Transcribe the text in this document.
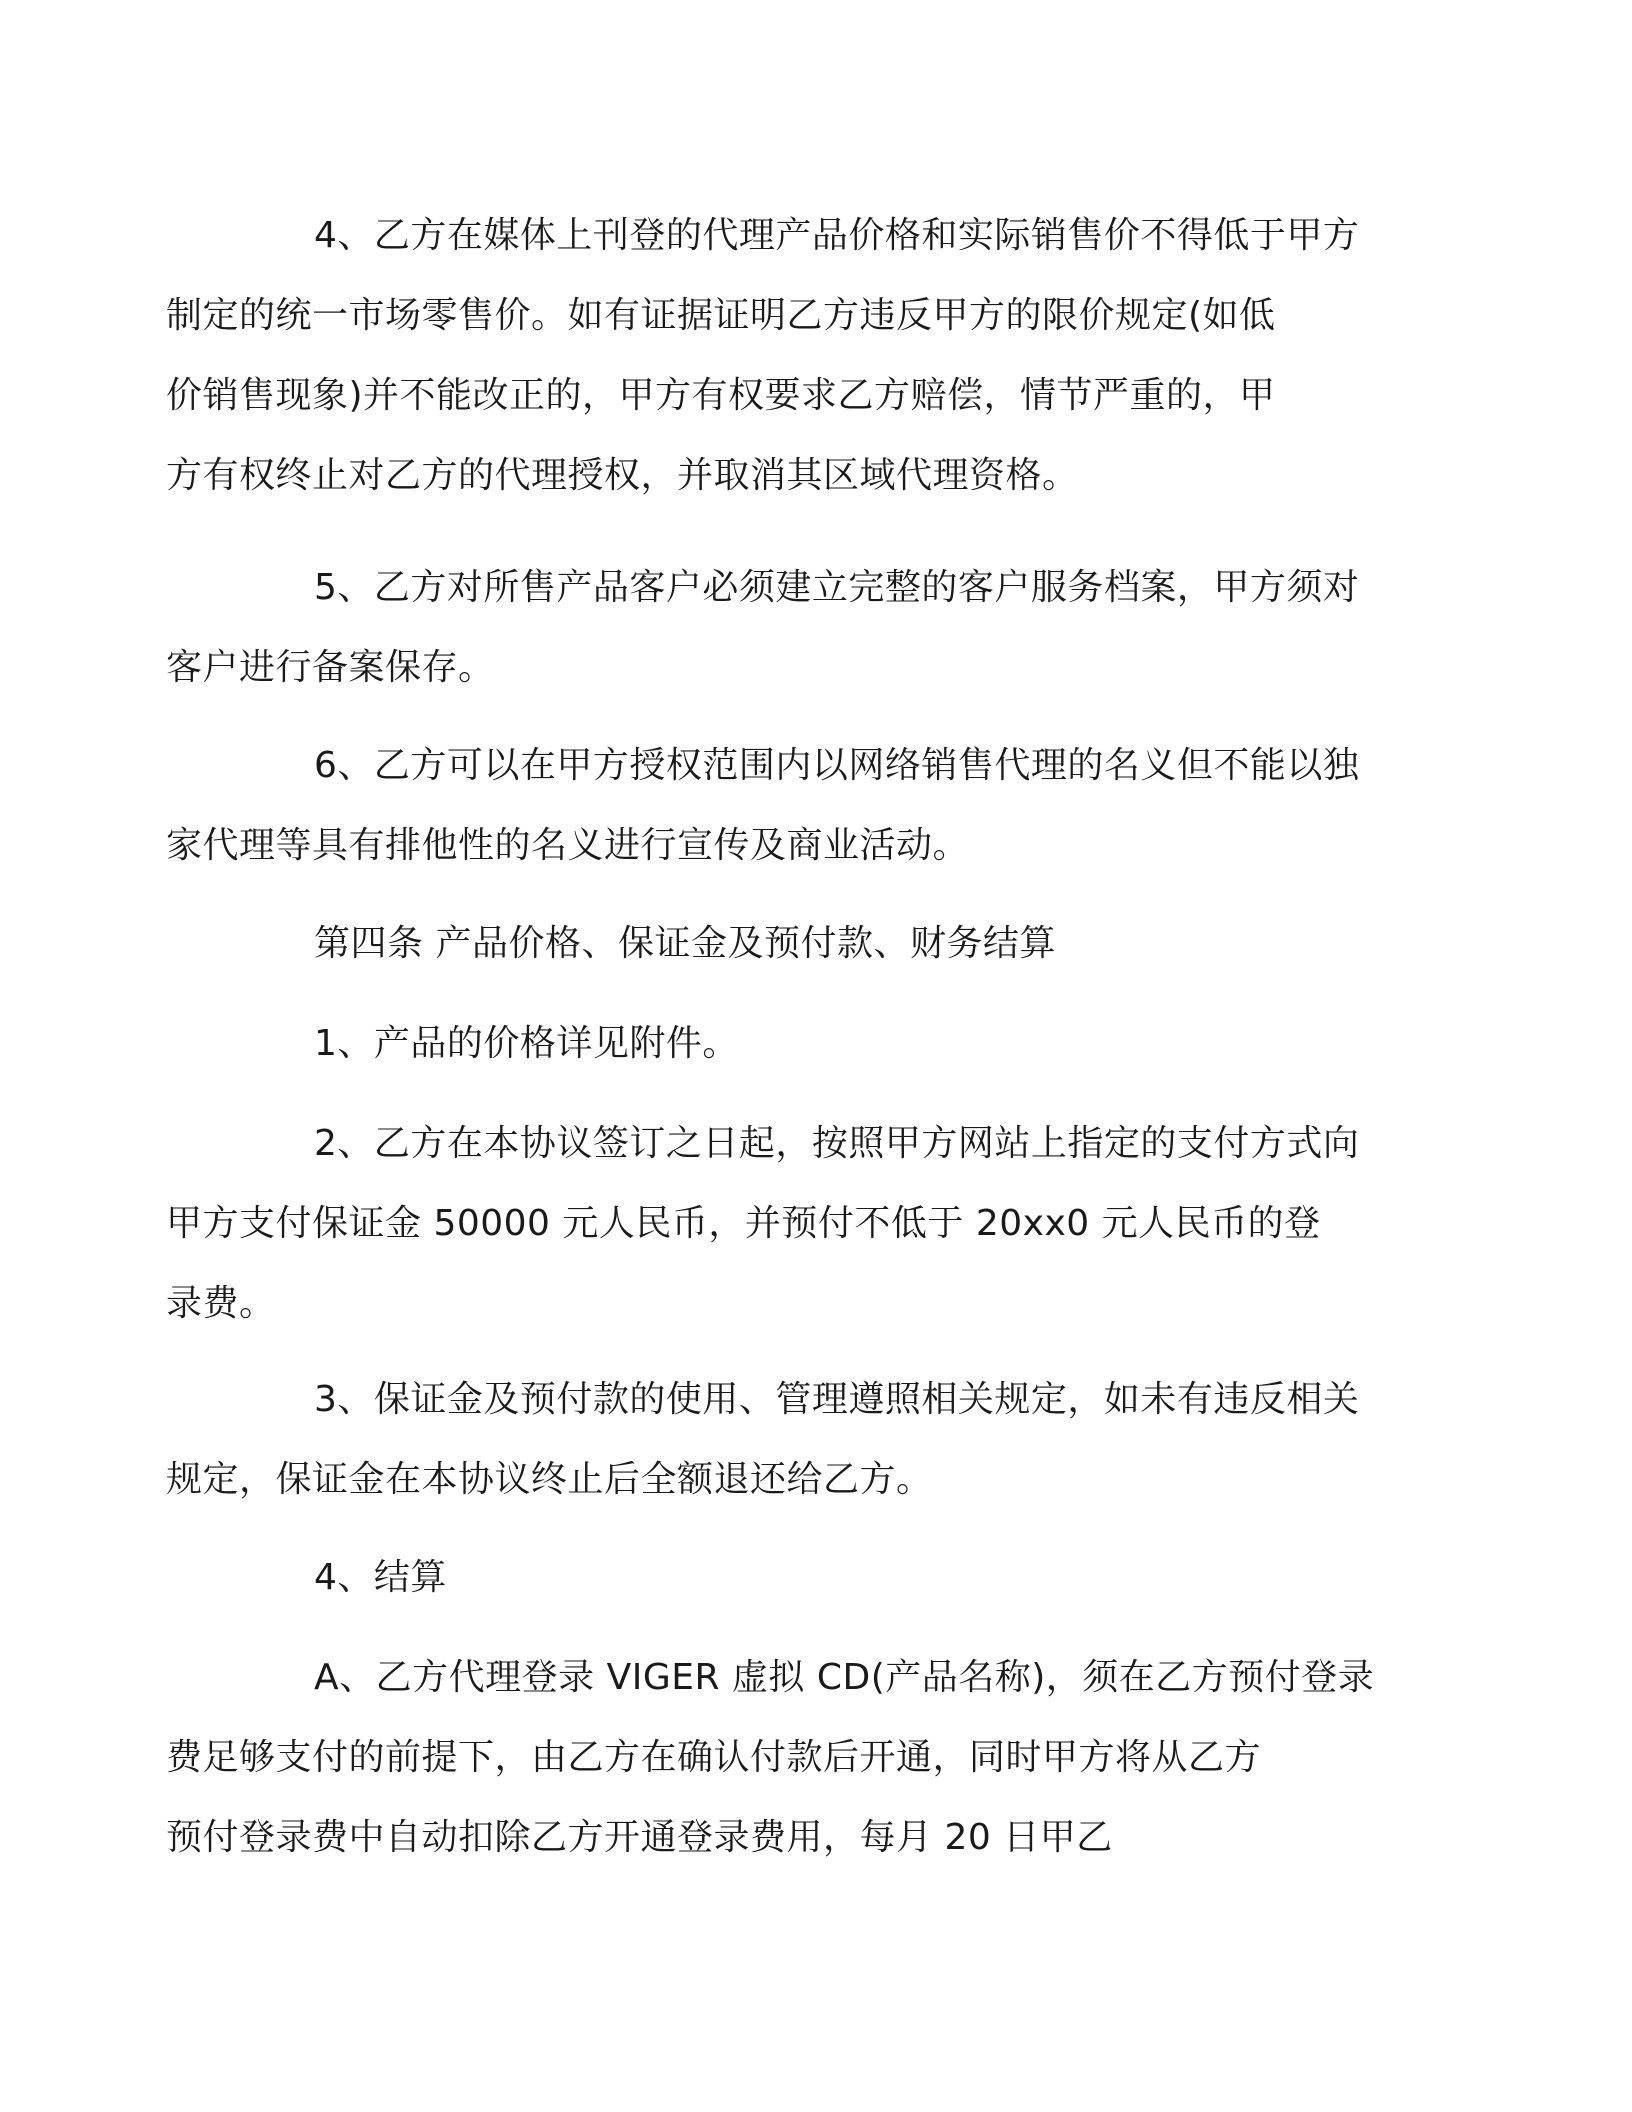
4、乙方在媒体上刊登的代理产品价格和实际销售价不得低于甲方
制定的统一市场零售价。如有证据证明乙方违反甲方的限价规定(如低
价销售现象)并不能改正的，甲方有权要求乙方赔偿，情节严重的，甲
方有权终止对乙方的代理授权，并取消其区域代理资格。
5、乙方对所售产品客户必须建立完整的客户服务档案，甲方须对
客户进行备案保存。
6、乙方可以在甲方授权范围内以网络销售代理的名义但不能以独
家代理等具有排他性的名义进行宣传及商业活动。
第四条 产品价格、保证金及预付款、财务结算
1、产品的价格详见附件。
2、乙方在本协议签订之日起，按照甲方网站上指定的支付方式向
甲方支付保证金 50000 元人民币，并预付不低于 20xx0 元人民币的登
录费。
3、保证金及预付款的使用、管理遵照相关规定，如未有违反相关
规定，保证金在本协议终止后全额退还给乙方。
4、结算
A、乙方代理登录 VIGER 虚拟 CD(产品名称)，须在乙方预付登录
费足够支付的前提下，由乙方在确认付款后开通，同时甲方将从乙方
预付登录费中自动扣除乙方开通登录费用，每月 20 日甲乙
